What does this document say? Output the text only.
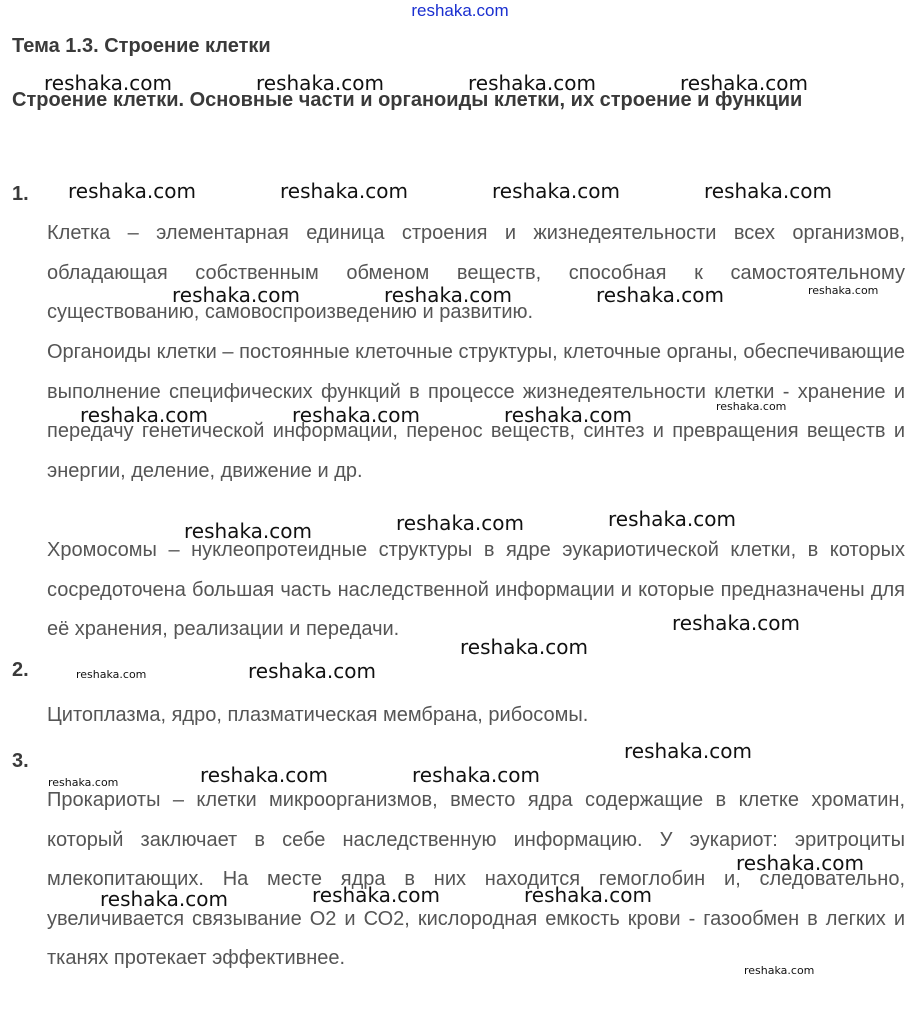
reshaka.com
Тема 1.3. Строение клетки
Строение клетки. Основные части и органоиды клетки, их строение и функции
1.

Клетка – элементарная единица строения и жизнедеятельности всех организмов, обладающая собственным обменом веществ, способная к самостоятельному существованию, самовоспроизведению и развитию.

Органоиды клетки – постоянные клеточные структуры, клеточные органы, обеспечивающие выполнение специфических функций в процессе жизнедеятельности клетки - хранение и передачу генетической информации, перенос веществ, синтез и превращения веществ и энергии, деление, движение и др.

Хромосомы – нуклеопротеидные структуры в ядре эукариотической клетки, в которых сосредоточена большая часть наследственной информации и которые предназначены для её хранения, реализации и передачи.

2.

Цитоплазма, ядро, плазматическая мембрана, рибосомы.

3.

Прокариоты – клетки микроорганизмов, вместо ядра содержащие в клетке хроматин, который заключает в себе наследственную информацию. У эукариот: эритроциты млекопитающих. На месте ядра в них находится гемоглобин и, следовательно, увеличивается связывание О2 и СО2, кислородная емкость крови - газообмен в легких и тканях протекает эффективнее.

reshaka.com	reshaka.com	reshaka.com	reshaka.com
reshaka.com	reshaka.com	reshaka.com	reshaka.com
reshaka.com	reshaka.com	reshaka.com	reshaka.com
reshaka.com	reshaka.com	reshaka.com	reshaka.com
reshaka.com	reshaka.com	reshaka.com
reshaka.com
reshaka.com
reshaka.com
reshaka.com
reshaka.com
reshaka.com
reshaka.com
reshaka.com
reshaka.com
reshaka.com
reshaka.com
reshaka.com
reshaka.com
